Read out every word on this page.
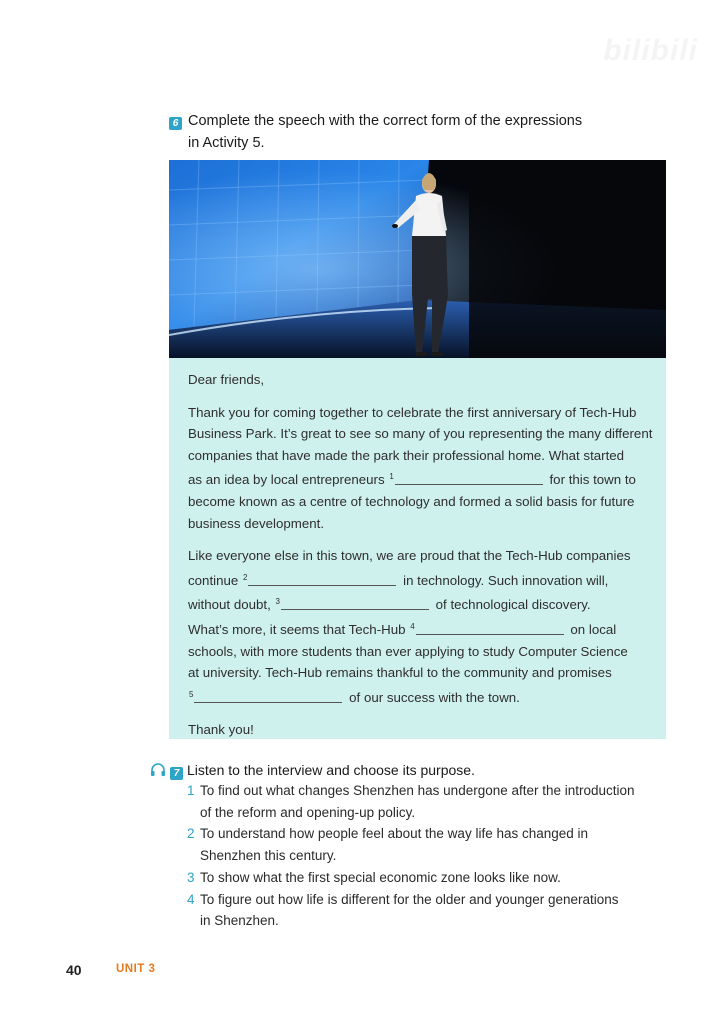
bilibili
6 Complete the speech with the correct form of the expressions
in Activity 5.

Dear friends,

Thank you for coming together to celebrate the first anniversary of Tech-Hub
Business Park. It’s great to see so many of you representing the many different
companies that have made the park their professional home. What started
as an idea by local entrepreneurs $^1$	for this town to
become known as a centre of technology and formed a solid basis for future
business development.

Like everyone else in this town, we are proud that the Tech-Hub companies
continue $^2$	in technology. Such innovation will,
without doubt, $^3$	of technological discovery.
What’s more, it seems that Tech-Hub $^4$	on local
schools, with more students than ever applying to study Computer Science
at university. Tech-Hub remains thankful to the community and promises
$^5$	of our success with the town.

Thank you!

7 Listen to the interview and choose its purpose.
1 To find out what changes Shenzhen has undergone after the introduction
of the reform and opening-up policy.
2 To understand how people feel about the way life has changed in
Shenzhen this century.
3 To show what the first special economic zone looks like now.
4 To figure out how life is different for the older and younger generations
in Shenzhen.
40	UNIT 3
